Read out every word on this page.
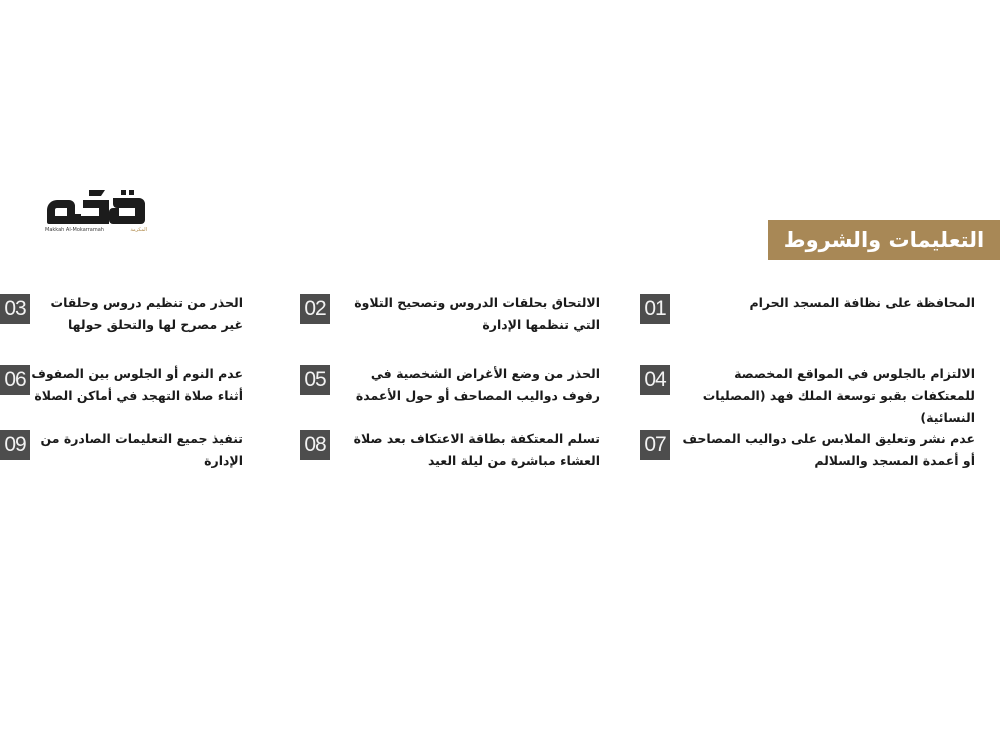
Makkah Al-Mokarramah	المكرمة	التعليمات والشروط
01	المحافظة على نظافة المسجد الحرام
02	الالتحاق بحلقات الدروس وتصحيح التلاوة التي تنظمها الإدارة
03	الحذر من تنظيم دروس وحلقات غير مصرح لها والتحلق حولها
04	الالتزام بالجلوس في المواقع المخصصة للمعتكفات بقبو توسعة الملك فهد (المصليات النسائية)
05	الحذر من وضع الأغراض الشخصية في رفوف دواليب المصاحف أو حول الأعمدة
06 عدم النوم أو الجلوس بين الصفوف أثناء صلاة التهجد في أماكن الصلاة
07	عدم نشر وتعليق الملابس على دواليب المصاحف أو أعمدة المسجد والسلالم
08	تسلم المعتكفة بطاقة الاعتكاف بعد صلاة العشاء مباشرة من ليلة العيد
09	تنفيذ جميع التعليمات الصادرة من الإدارة
